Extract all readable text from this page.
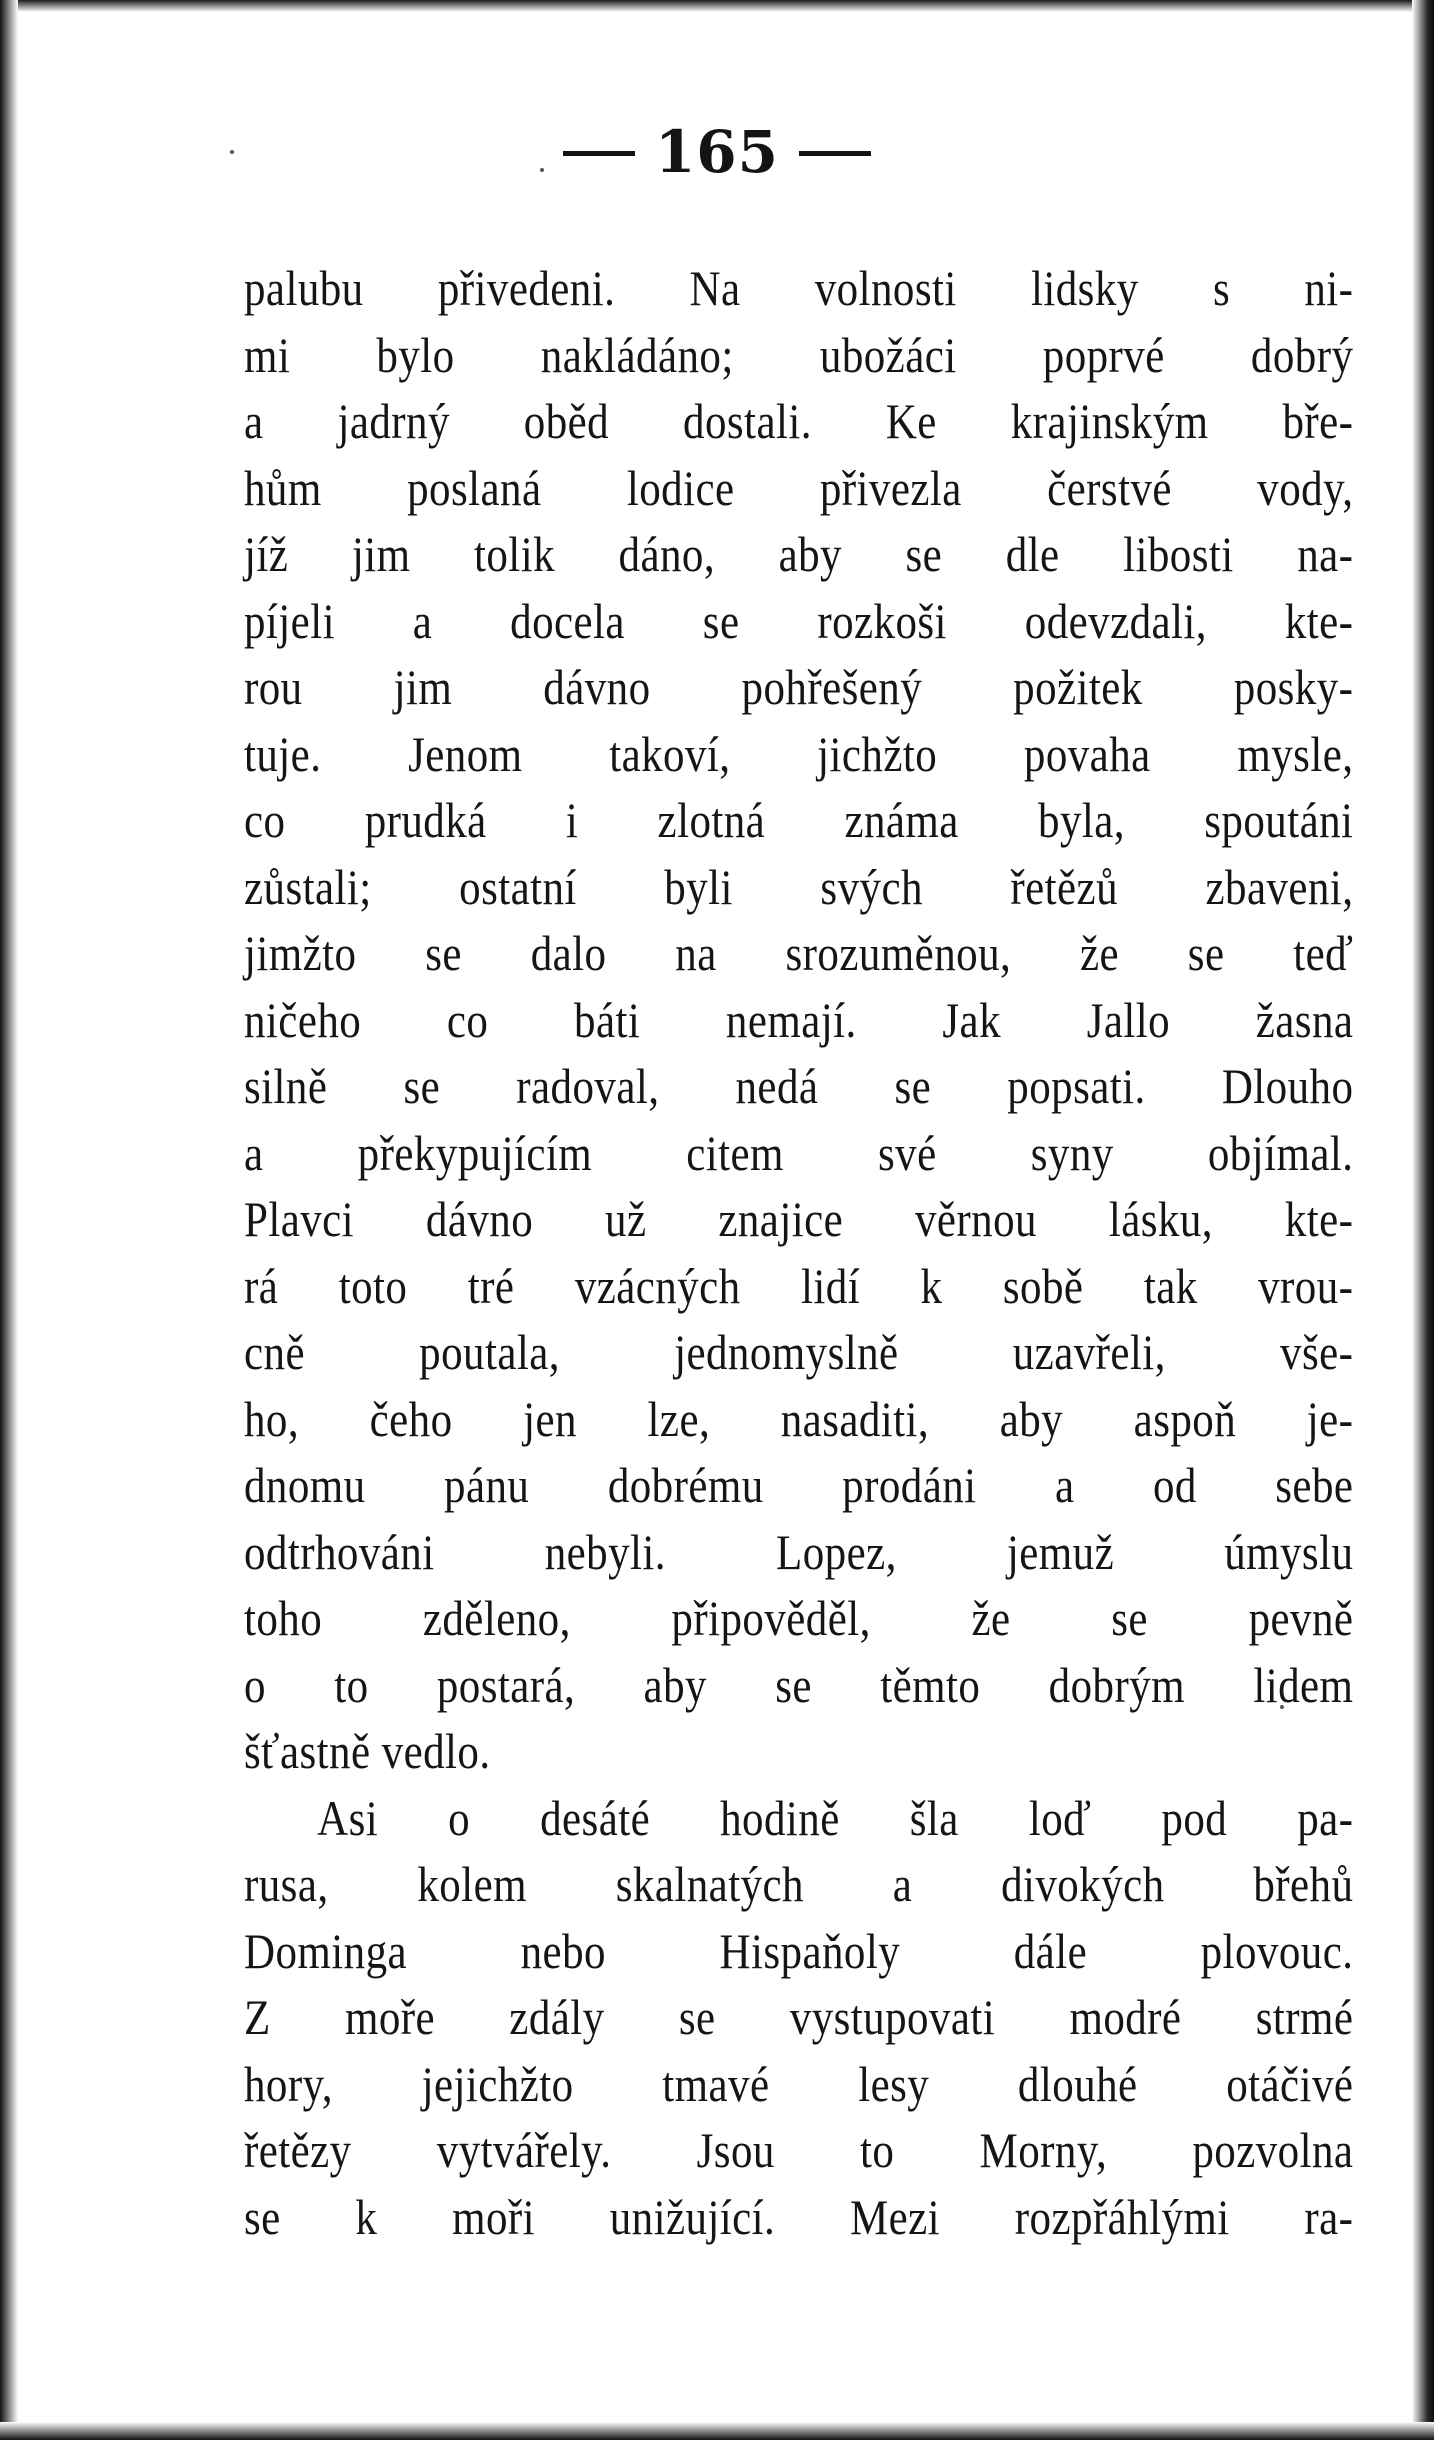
165
palubu přivedeni. Na volnosti lidsky s ni-
mi bylo nakládáno; ubožáci poprvé dobrý
a jadrný oběd dostali. Ke krajinským bře-
hům poslaná lodice přivezla čerstvé vody,
jíž jim tolik dáno, aby se dle libosti na-
píjeli a docela se rozkoši odevzdali, kte-
rou jim dávno pohřešený požitek posky-
tuje. Jenom takoví, jichžto povaha mysle,
co prudká i zlotná známa byla, spoutáni
zůstali; ostatní byli svých řetězů zbaveni,
jimžto se dalo na srozuměnou, že se teď
ničeho co báti nemají. Jak Jallo žasna
silně se radoval, nedá se popsati. Dlouho
a překypujícím citem své syny objímal.
Plavci dávno už znajice věrnou lásku, kte-
rá toto tré vzácných lidí k sobě tak vrou-
cně poutala, jednomyslně uzavřeli, vše-
ho, čeho jen lze, nasaditi, aby aspoň je-
dnomu pánu dobrému prodáni a od sebe
odtrhováni nebyli. Lopez, jemuž úmyslu
toho zděleno, připověděl, že se pevně
o to postará, aby se těmto dobrým lidem
šťastně vedlo.
Asi o desáté hodině šla loď pod pa-
rusa, kolem skalnatých a divokých břehů
Dominga nebo Hispaňoly dále plovouc.
Z moře zdály se vystupovati modré strmé
hory, jejichžto tmavé lesy dlouhé otáčivé
řetězy vytvářely. Jsou to Morny, pozvolna
se k moři unižující. Mezi rozpřáhlými ra-
